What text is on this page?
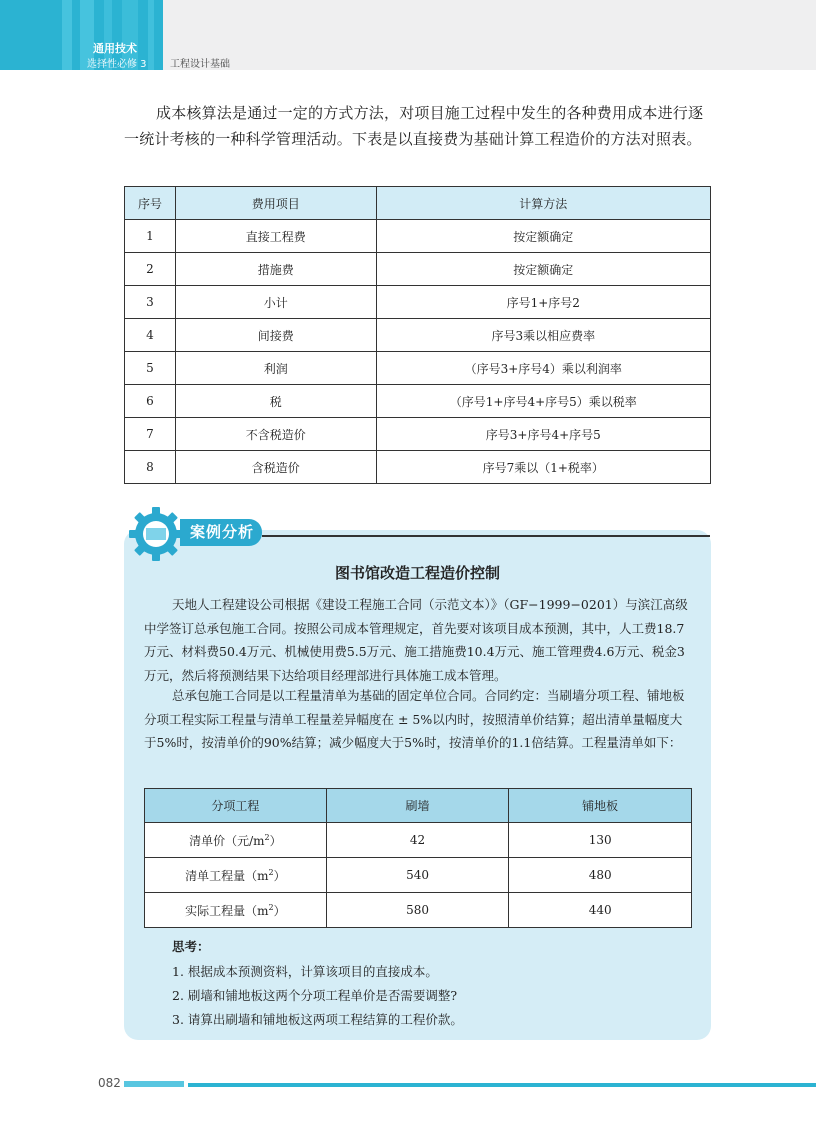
通用技术
选择性必修 3 工程设计基础

成本核算法是通过一定的方式方法，对项目施工过程中发生的各种费用成本进行逐一统计考核的一种科学管理活动。下表是以直接费为基础计算工程造价的方法对照表。

序号	费用项目	计算方法
1	直接工程费	按定额确定
2	措施费	按定额确定
3	小计	序号1+序号2
4	间接费	序号3乘以相应费率
5	利润	（序号3+序号4）乘以利润率
6	税	（序号1+序号4+序号5）乘以税率
7	不含税造价	序号3+序号4+序号5
8	含税造价	序号7乘以（1+税率）
案例分析
图书馆改造工程造价控制

天地人工程建设公司根据《建设工程施工合同（示范文本）》（GF−1999−0201）与滨江高级中学签订总承包施工合同。按照公司成本管理规定，首先要对该项目成本预测，其中，人工费18.7万元、材料费50.4万元、机械使用费5.5万元、施工措施费10.4万元、施工管理费4.6万元、税金3万元，然后将预测结果下达给项目经理部进行具体施工成本管理。

总承包施工合同是以工程量清单为基础的固定单位合同。合同约定：当刷墙分项工程、铺地板分项工程实际工程量与清单工程量差异幅度在 ± 5%以内时，按照清单价结算；超出清单量幅度大于5%时，按清单价的90%结算；减少幅度大于5%时，按清单价的1.1倍结算。工程量清单如下：

分项工程	刷墙	铺地板
清单价（元$/m^2$）	42	130
清单工程量$(m^2)$	540	480
实际工程量$(m^2)$	580	440
思考：
1. 根据成本预测资料，计算该项目的直接成本。
2. 刷墙和铺地板这两个分项工程单价是否需要调整?
3. 请算出刷墙和铺地板这两项工程结算的工程价款。
082
